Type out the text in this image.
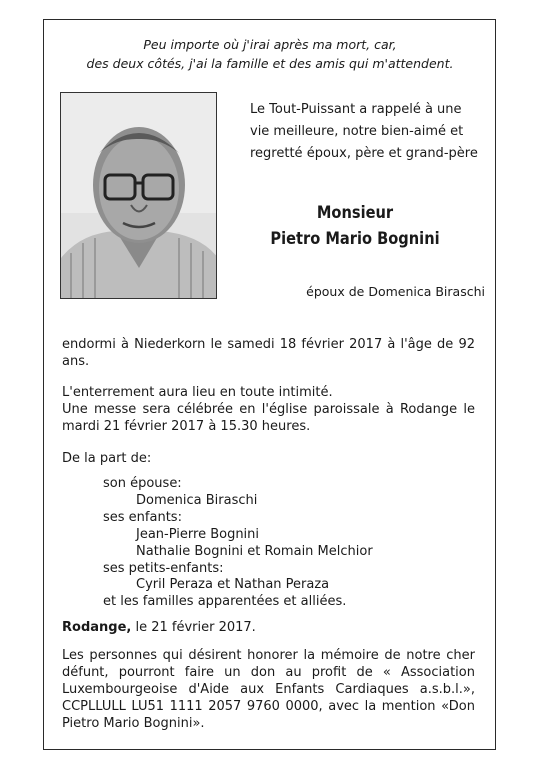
Peu importe où j'irai après ma mort, car,
des deux côtés, j'ai la famille et des amis qui m'attendent.
Le Tout-Puissant a rappelé à une
vie meilleure, notre bien-aimé et
regretté époux, père et grand-père
Monsieur
Pietro Mario Bognini
époux de Domenica Biraschi
endormi à Niederkorn le samedi 18 février 2017 à l'âge de 92
ans.
L'enterrement aura lieu en toute intimité.
Une messe sera célébrée en l'église paroissale à Rodange le
mardi 21 février 2017 à 15.30 heures.
De la part de:
son épouse:
Domenica Biraschi
ses enfants:
Jean-Pierre Bognini
Nathalie Bognini et Romain Melchior
ses petits-enfants:
Cyril Peraza et Nathan Peraza
et les familles apparentées et alliées.
Rodange, le 21 février 2017.
Les personnes qui désirent honorer la mémoire de notre cher
défunt, pourront faire un don au profit de « Association
Luxembourgeoise d'Aide aux Enfants Cardiaques a.s.b.l.»,
CCPLLULL LU51 1111 2057 9760 0000, avec la mention «Don
Pietro Mario Bognini».
